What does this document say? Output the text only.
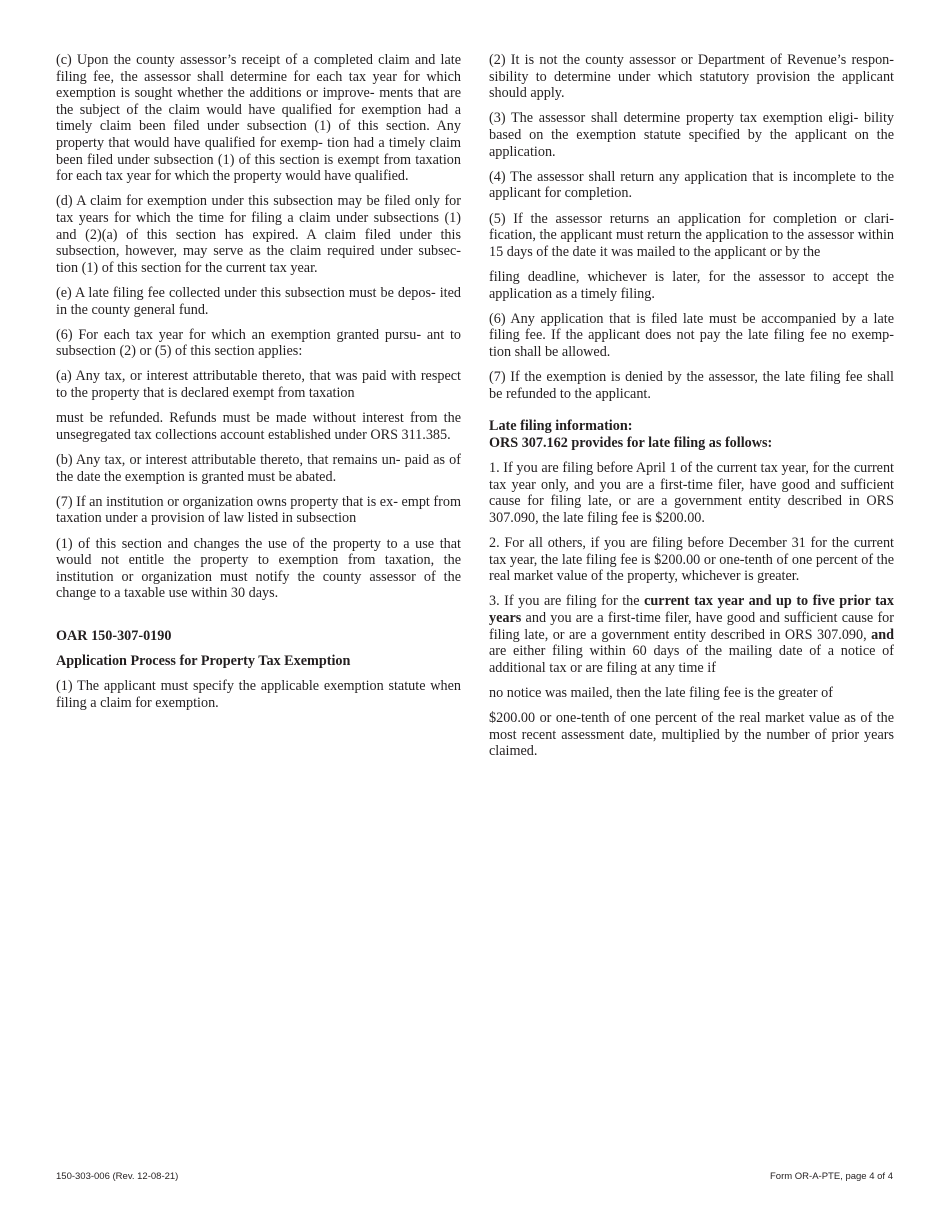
(c) Upon the county assessor’s receipt of a completed claim and late filing fee, the assessor shall determine for each tax year for which exemption is sought whether the additions or improve- ments that are the subject of the claim would have qualified for exemption had a timely claim been filed under subsection (1) of this section. Any property that would have qualified for exemp- tion had a timely claim been filed under subsection (1) of this section is exempt from taxation for each tax year for which the property would have qualified.

(d) A claim for exemption under this subsection may be filed only for tax years for which the time for filing a claim under subsections (1) and (2)(a) of this section has expired. A claim filed under this subsection, however, may serve as the claim required under subsec- tion (1) of this section for the current tax year.

(e) A late filing fee collected under this subsection must be depos- ited in the county general fund.

(6) For each tax year for which an exemption granted pursu- ant to subsection (2) or (5) of this section applies:

(a) Any tax, or interest attributable thereto, that was paid with respect to the property that is declared exempt from taxation

must be refunded. Refunds must be made without interest from the unsegregated tax collections account established under ORS 311.385.

(b) Any tax, or interest attributable thereto, that remains un- paid as of the date the exemption is granted must be abated.

(7) If an institution or organization owns property that is ex- empt from taxation under a provision of law listed in subsection

(1) of this section and changes the use of the property to a use that would not entitle the property to exemption from taxation, the institution or organization must notify the county assessor of the change to a taxable use within 30 days.

OAR 150-307-0190

Application Process for Property Tax Exemption

(1) The applicant must specify the applicable exemption statute when filing a claim for exemption.

(2) It is not the county assessor or Department of Revenue’s respon- sibility to determine under which statutory provision the applicant should apply.

(3) The assessor shall determine property tax exemption eligi- bility based on the exemption statute specified by the applicant on the application.

(4) The assessor shall return any application that is incomplete to the applicant for completion.

(5) If the assessor returns an application for completion or clari- fication, the applicant must return the application to the assessor within 15 days of the date it was mailed to the applicant or by the

filing deadline, whichever is later, for the assessor to accept the application as a timely filing.

(6) Any application that is filed late must be accompanied by a late filing fee. If the applicant does not pay the late filing fee no exemp- tion shall be allowed.

(7) If the exemption is denied by the assessor, the late filing fee shall be refunded to the applicant.

Late filing information:

ORS 307.162 provides for late filing as follows:

1. If you are filing before April 1 of the current tax year, for the current tax year only, and you are a first-time filer, have good and sufficient cause for filing late, or are a government entity described in ORS 307.090, the late filing fee is $200.00.

2. For all others, if you are filing before December 31 for the current tax year, the late filing fee is $200.00 or one-tenth of one percent of the real market value of the property, whichever is greater.

3. If you are filing for the current tax year and up to five prior tax years and you are a first-time filer, have good and sufficient cause for filing late, or are a government entity described in ORS 307.090, and are either filing within 60 days of the mailing date of a notice of additional tax or are filing at any time if

no notice was mailed, then the late filing fee is the greater of

$200.00 or one-tenth of one percent of the real market value as of the most recent assessment date, multiplied by the number of prior years claimed.

150-303-006 (Rev. 12-08-21)	Form OR-A-PTE, page 4 of 4
